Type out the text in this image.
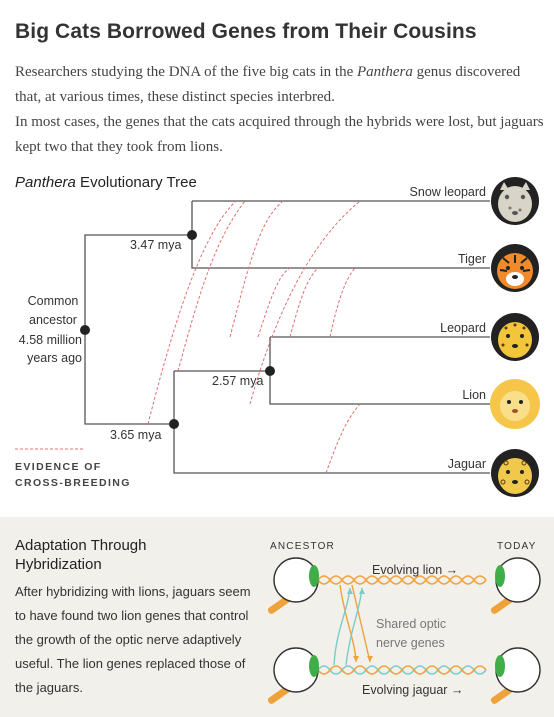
Big Cats Borrowed Genes from Their Cousins

Researchers studying the DNA of the five big cats in the Panthera genus discovered that, at various times, these distinct species interbred.

In most cases, the genes that the cats acquired through the hybrids were lost, but jaguars kept two that they took from lions.

Panthera Evolutionary Tree
Common
ancestor
4.58 million
years ago
3.47 mya
3.65 mya
2.57 mya
Snow leopard
Tiger
Leopard
Lion
Jaguar
EVIDENCE OF
CROSS-BREEDING
Adaptation Through
Hybridization
After hybridizing with lions, jaguars seem to have found two lion genes that control the growth of the optic nerve adaptively useful. The lion genes replaced those of the jaguars.
ANCESTOR	TODAY
Evolving lion →
Evolving jaguar →
Shared optic
nerve genes
